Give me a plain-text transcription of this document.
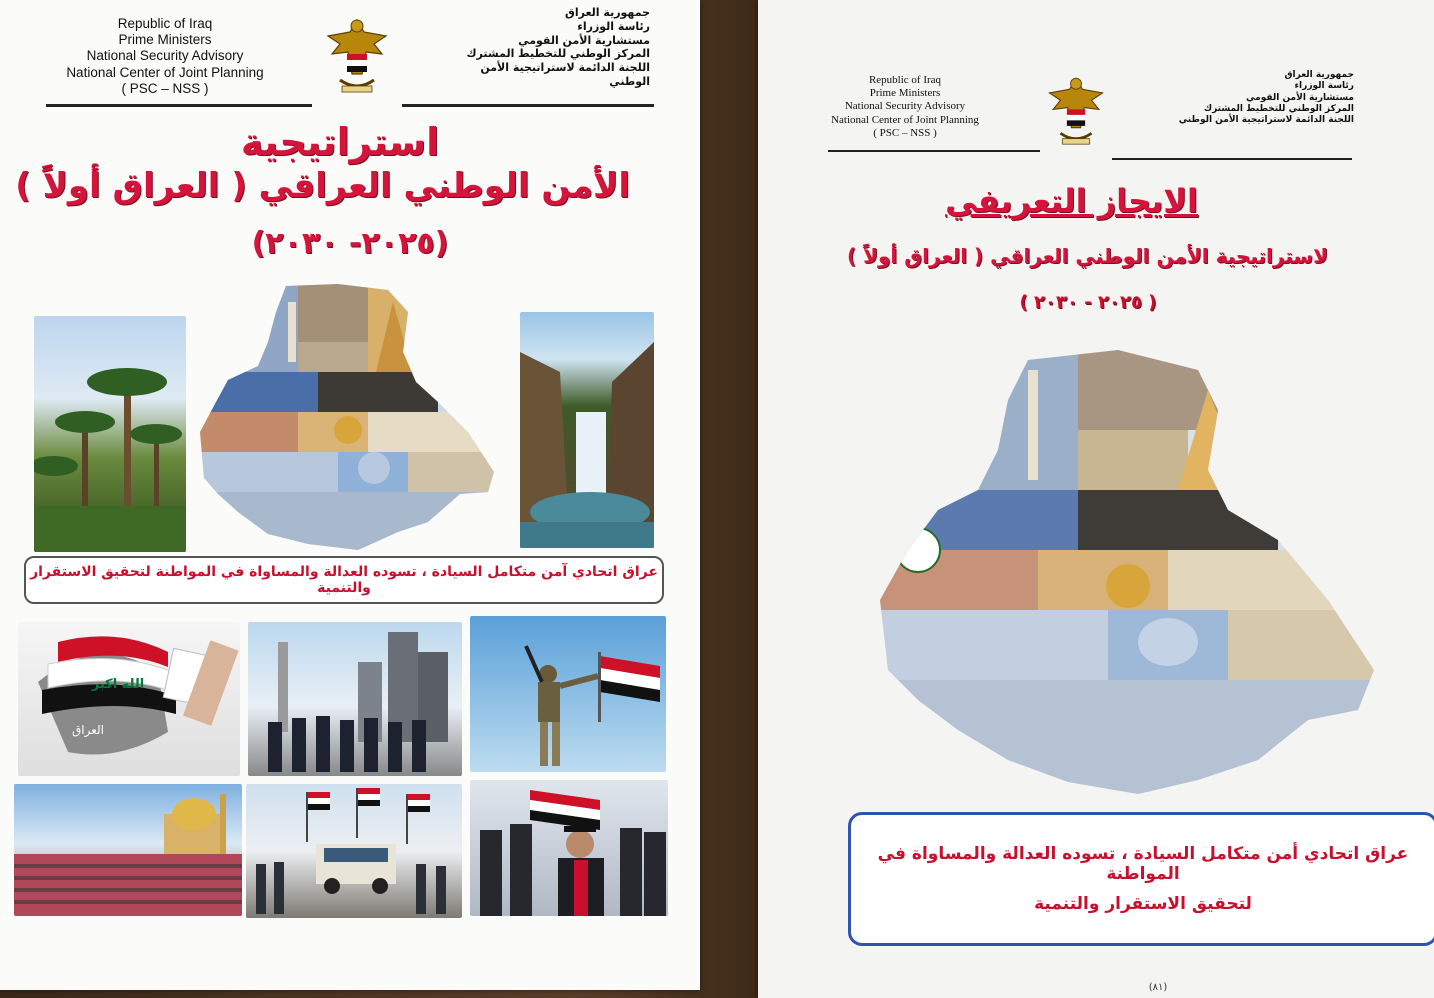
Republic of Iraq
Prime Ministers
National Security Advisory
National Center of Joint Planning
( PSC – NSS )
جمهورية العراق
رئاسة الوزراء
مستشارية الأمن القومي
المركز الوطني للتخطيط المشترك
اللجنة الدائمة لاستراتيجية الأمن الوطني
استراتيجية
الأمن الوطني العراقي ( العراق أولاً )
(٢٠٢٥- ٢٠٣٠)
عراق اتحادي آمن متكامل السيادة ، تسوده العدالة والمساواة في المواطنة لتحقيق الاستقرار والتنمية
الله اكبر
العراق
Republic of Iraq
Prime Ministers
National Security Advisory
National Center of Joint Planning
( PSC – NSS )
جمهورية العراق
رئاسة الوزراء
مستشارية الأمن القومي
المركز الوطني للتخطيط المشترك
اللجنة الدائمة لاستراتيجية الأمن الوطني
الايجاز التعريفي
لاستراتيجية الأمن الوطني العراقي ( العراق أولاً )
( ٢٠٢٥ - ٢٠٣٠ )
عراق اتحادي أمن متكامل السيادة ، تسوده العدالة والمساواة في المواطنة
لتحقيق الاستقرار والتنمية
(٨١)
